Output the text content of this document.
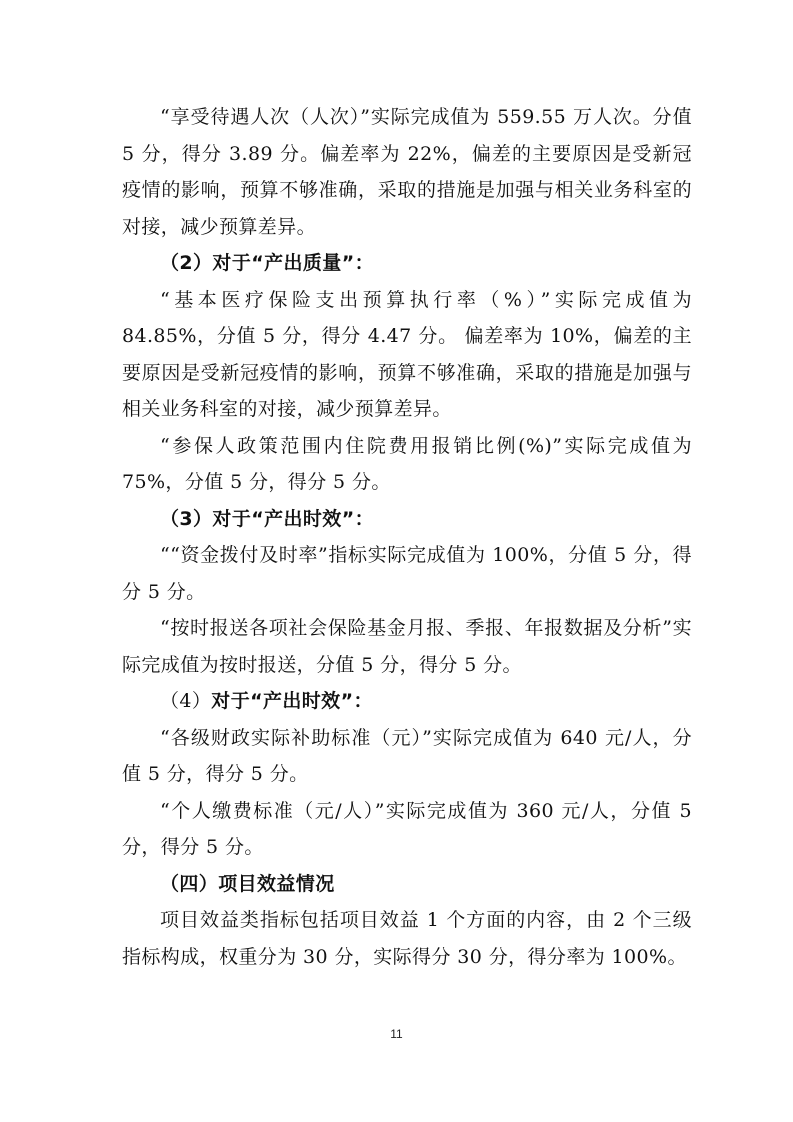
“享受待遇人次（人次）”实际完成值为 559.55 万人次。分值 5 分，得分 3.89 分。偏差率为 22%，偏差的主要原因是受新冠疫情的影响，预算不够准确，采取的措施是加强与相关业务科室的对接，减少预算差异。

（2）对于“产出质量”：

“基本医疗保险支出预算执行率（%）”实际完成值为 84.85%，分值 5 分，得分 4.47 分。 偏差率为 10%，偏差的主要原因是受新冠疫情的影响，预算不够准确，采取的措施是加强与相关业务科室的对接，减少预算差异。

“参保人政策范围内住院费用报销比例(%)”实际完成值为 75%，分值 5 分，得分 5 分。

（3）对于“产出时效”：

““资金拨付及时率”指标实际完成值为 100%，分值 5 分，得分 5 分。

“按时报送各项社会保险基金月报、季报、年报数据及分析”实际完成值为按时报送，分值 5 分，得分 5 分。

（4）对于“产出时效”：

“各级财政实际补助标准（元）”实际完成值为 640 元/人，分值 5 分，得分 5 分。

“个人缴费标准（元/人）”实际完成值为 360 元/人，分值 5 分，得分 5 分。

（四）项目效益情况

项目效益类指标包括项目效益 1 个方面的内容，由 2 个三级指标构成，权重分为 30 分，实际得分 30 分，得分率为 100%。

11
